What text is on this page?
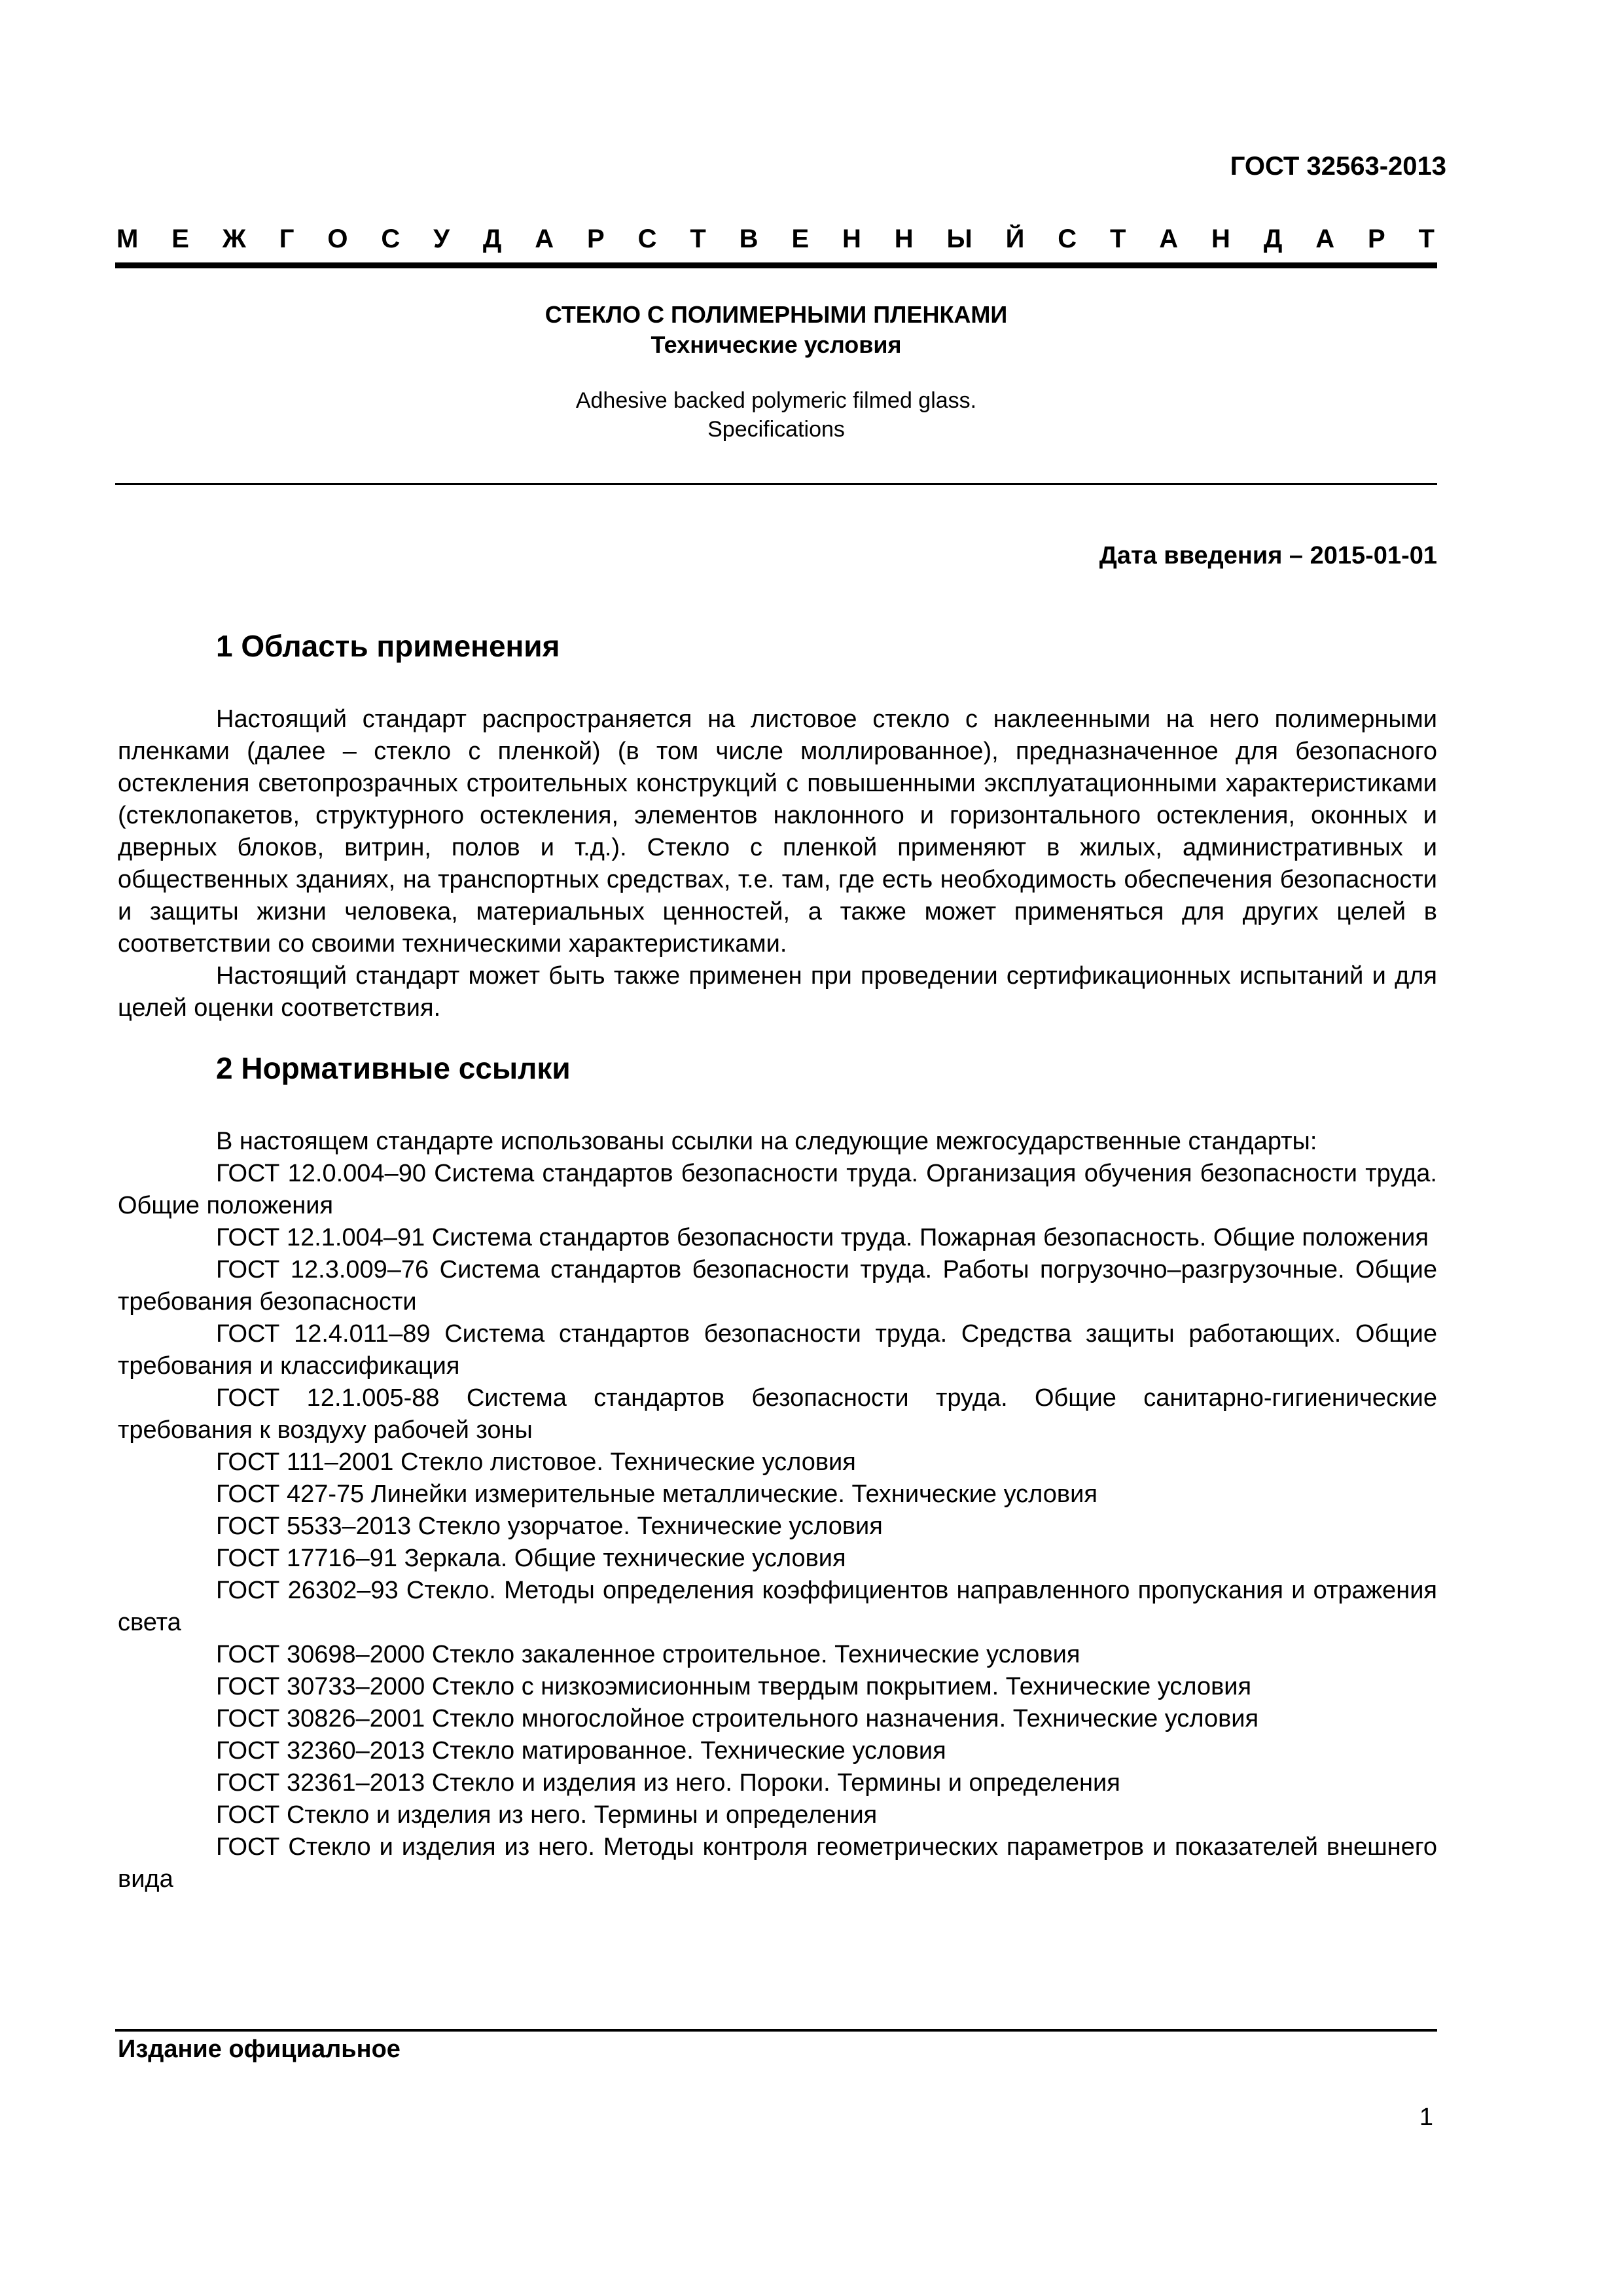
ГОСТ 32563-2013
М Е Ж Г О С У Д А Р С Т В Е Н Н Ы Й С Т А Н Д А Р Т
СТЕКЛО С ПОЛИМЕРНЫМИ ПЛЕНКАМИ
Технические условия
Adhesive backed polymeric filmed glass.
Specifications
Дата введения – 2015-01-01
1 Область применения

Настоящий стандарт распространяется на листовое стекло с наклеенными на него полимерными пленками (далее – стекло с пленкой) (в том числе моллированное), предназначенное для безопасного остекления светопрозрачных строительных конструкций с повышенными эксплуатационными характеристиками (стеклопакетов, структурного остекления, элементов наклонного и горизонтального остекления, оконных и дверных блоков, витрин, полов и т.д.). Стекло с пленкой применяют в жилых, административных и общественных зданиях, на транспортных средствах, т.е. там, где есть необходимость обеспечения безопасности и защиты жизни человека, материальных ценностей, а также может применяться для других целей в соответствии со своими техническими характеристиками.

Настоящий стандарт может быть также применен при проведении сертификационных испытаний и для целей оценки соответствия.

2 Нормативные ссылки

В настоящем стандарте использованы ссылки на следующие межгосударственные стандарты:

ГОСТ 12.0.004–90 Система стандартов безопасности труда. Организация обучения безопасности труда. Общие положения

ГОСТ 12.1.004–91 Система стандартов безопасности труда. Пожарная безопасность. Общие положения

ГОСТ 12.3.009–76 Система стандартов безопасности труда. Работы погрузочно–разгрузочные. Общие требования безопасности

ГОСТ 12.4.011–89 Система стандартов безопасности труда. Средства защиты работающих. Общие требования и классификация

ГОСТ 12.1.005-88 Система стандартов безопасности труда. Общие санитарно-гигиенические требования к воздуху рабочей зоны

ГОСТ 111–2001 Стекло листовое. Технические условия

ГОСТ 427-75 Линейки измерительные металлические. Технические условия

ГОСТ 5533–2013 Стекло узорчатое. Технические условия

ГОСТ 17716–91 Зеркала. Общие технические условия

ГОСТ 26302–93 Стекло. Методы определения коэффициентов направленного пропускания и отражения света

ГОСТ 30698–2000 Стекло закаленное строительное. Технические условия

ГОСТ 30733–2000 Стекло с низкоэмисионным твердым покрытием. Технические условия

ГОСТ 30826–2001 Стекло многослойное строительного назначения. Технические условия

ГОСТ 32360–2013 Стекло матированное. Технические условия

ГОСТ 32361–2013 Стекло и изделия из него. Пороки. Термины и определения

ГОСТ Стекло и изделия из него. Термины и определения

ГОСТ Стекло и изделия из него. Методы контроля геометрических параметров и показателей внешнего вида

Издание официальное
1
